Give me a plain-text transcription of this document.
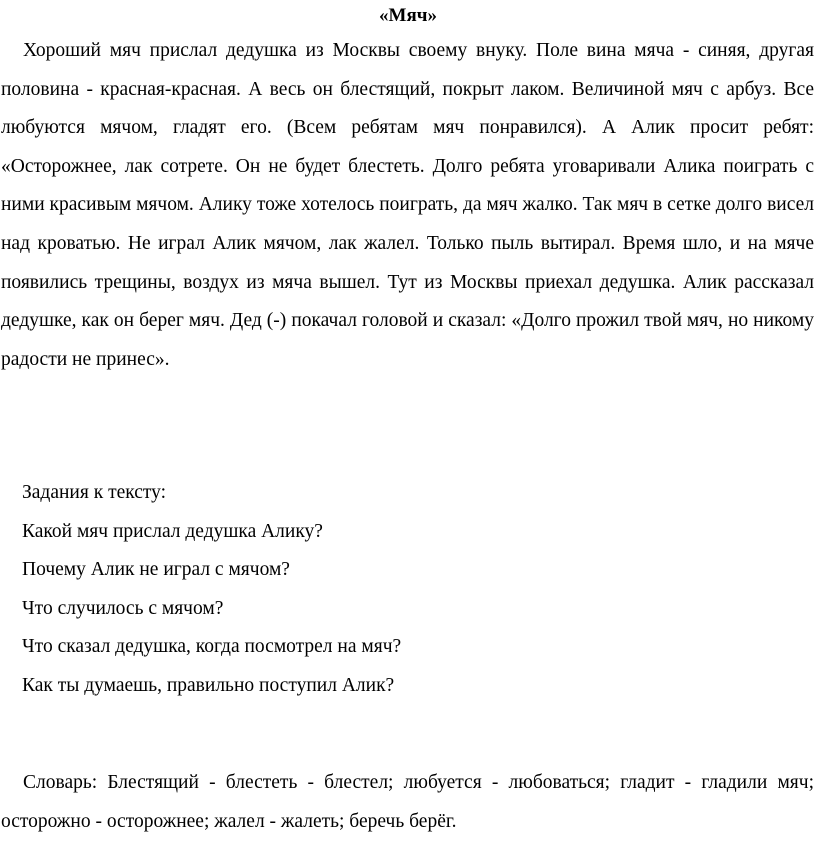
«Мяч»

Хороший мяч прислал дедушка из Москвы своему внуку. Поле вина мяча - синяя, другая половина - красная-красная. А весь он блестящий, покрыт лаком. Величиной мяч с арбуз. Все любуются мячом, гладят его. (Всем ребятам мяч понравился). А Алик просит ребят: «Осторожнее, лак сотрете. Он не будет блестеть. Долго ребята уговаривали Алика поиграть с ними красивым мячом. Алику тоже хотелось поиграть, да мяч жалко. Так мяч в сетке долго висел над кроватью. Не играл Алик мячом, лак жалел. Только пыль вытирал. Время шло, и на мяче появились трещины, воздух из мяча вышел. Тут из Москвы приехал дедушка. Алик рассказал дедушке, как он берег мяч. Дед (-) покачал головой и сказал: «Долго прожил твой мяч, но никому радости не принес».

Задания к тексту:
Какой мяч прислал дедушка Алику?
Почему Алик не играл с мячом?
Что случилось с мячом?
Что сказал дедушка, когда посмотрел на мяч?
Как ты думаешь, правильно поступил Алик?

Словарь: Блестящий - блестеть - блестел; любуется - любоваться; гладит - гладили мяч; осторожно - осторожнее; жалел - жалеть; беречь берёг.
